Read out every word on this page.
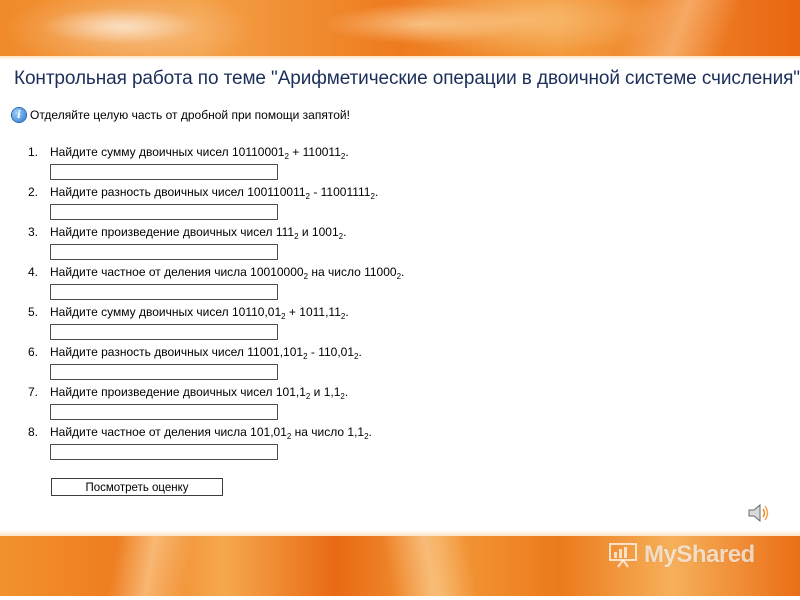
Контрольная работа по теме "Арифметические операции в двоичной системе счисления"
i Отделяйте целую часть от дробной при помощи запятой!
1. Найдите сумму двоичных чисел $10110001_2 + 110011_2$.
2. Найдите разность двоичных чисел $100110011_2 - 11001111_2$.
3. Найдите произведение двоичных чисел $111_2$ и $1001_2$.
4. Найдите частное от деления числа $10010000_2$ на число $11000_2$.
5. Найдите сумму двоичных чисел $10110,01_2 + 1011,11_2$.
6. Найдите разность двоичных чисел $11001,101_2 - 110,01_2$.
7. Найдите произведение двоичных чисел $101,1_2$ и $1,1_2$.
8. Найдите частное от деления числа $101,01_2$ на число $1,1_2$.
Посмотреть оценку
MyShared
